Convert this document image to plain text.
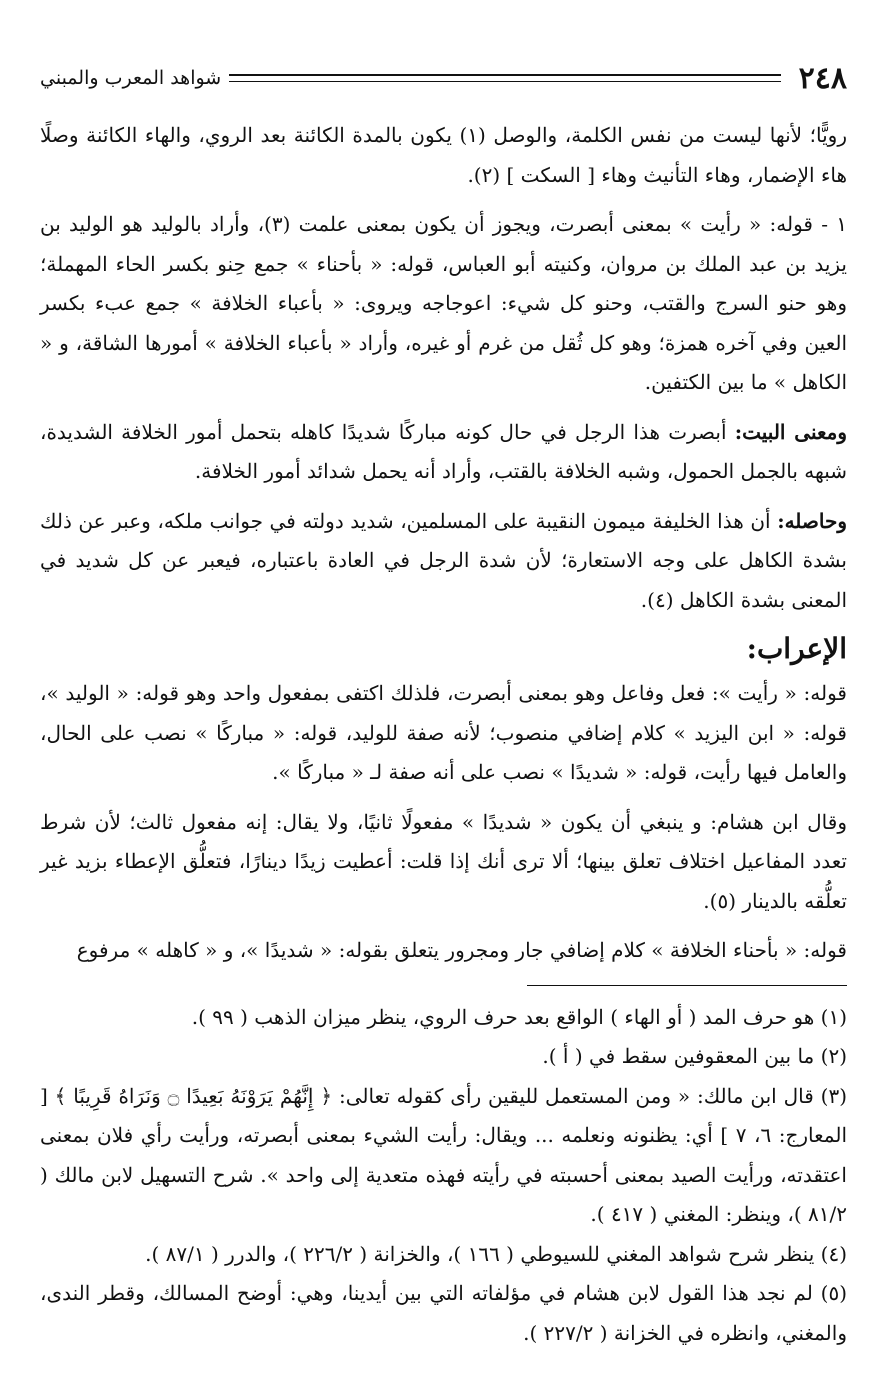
٢٤٨
شواهد المعرب والمبني

رويًّا؛ لأنها ليست من نفس الكلمة، والوصل (١) يكون بالمدة الكائنة بعد الروي، والهاء الكائنة وصلًا هاء الإضمار، وهاء التأنيث وهاء [ السكت ] (٢).

١ - قوله: « رأيت » بمعنى أبصرت، ويجوز أن يكون بمعنى علمت (٣)، وأراد بالوليد هو الوليد بن يزيد بن عبد الملك بن مروان، وكنيته أبو العباس، قوله: « بأحناء » جمع حِنو بكسر الحاء المهملة؛ وهو حنو السرج والقتب، وحنو كل شيء: اعوجاجه ويروى: « بأعباء الخلافة » جمع عبء بكسر العين وفي آخره همزة؛ وهو كل ثُقل من غرم أو غيره، وأراد « بأعباء الخلافة » أمورها الشاقة، و « الكاهل » ما بين الكتفين.

ومعنى البيت: أبصرت هذا الرجل في حال كونه مباركًا شديدًا كاهله بتحمل أمور الخلافة الشديدة، شبهه بالجمل الحمول، وشبه الخلافة بالقتب، وأراد أنه يحمل شدائد أمور الخلافة.

وحاصله: أن هذا الخليفة ميمون النقيبة على المسلمين، شديد دولته في جوانب ملكه، وعبر عن ذلك بشدة الكاهل على وجه الاستعارة؛ لأن شدة الرجل في العادة باعتباره، فيعبر عن كل شديد في المعنى بشدة الكاهل (٤).

الإعراب:

قوله: « رأيت »: فعل وفاعل وهو بمعنى أبصرت، فلذلك اكتفى بمفعول واحد وهو قوله: « الوليد »، قوله: « ابن اليزيد » كلام إضافي منصوب؛ لأنه صفة للوليد، قوله: « مباركًا » نصب على الحال، والعامل فيها رأيت، قوله: « شديدًا » نصب على أنه صفة لـ « مباركًا ».

وقال ابن هشام: و ينبغي أن يكون « شديدًا » مفعولًا ثانيًا، ولا يقال: إنه مفعول ثالث؛ لأن شرط تعدد المفاعيل اختلاف تعلق بينها؛ ألا ترى أنك إذا قلت: أعطيت زيدًا دينارًا، فتعلُّق الإعطاء بزيد غير تعلُّقه بالدينار (٥).

قوله: « بأحناء الخلافة » كلام إضافي جار ومجرور يتعلق بقوله: « شديدًا »، و « كاهله » مرفوع

(١) هو حرف المد ( أو الهاء ) الواقع بعد حرف الروي، ينظر ميزان الذهب ( ٩٩ ).

(٢) ما بين المعقوفين سقط في ( أ ).

(٣) قال ابن مالك: « ومن المستعمل لليقين رأى كقوله تعالى: ﴿ إِنَّهُمْ يَرَوْنَهُ بَعِيدًا ۝ وَنَرَاهُ قَرِيبًا ﴾ [ المعارج: ٦، ٧ ] أي: يظنونه ونعلمه ... ويقال: رأيت الشيء بمعنى أبصرته، ورأيت رأي فلان بمعنى اعتقدته، ورأيت الصيد بمعنى أحسبته في رأيته فهذه متعدية إلى واحد ». شرح التسهيل لابن مالك ( ٨١/٢ )، وينظر: المغني ( ٤١٧ ).

(٤) ينظر شرح شواهد المغني للسيوطي ( ١٦٦ )، والخزانة ( ٢٢٦/٢ )، والدرر ( ٨٧/١ ).

(٥) لم نجد هذا القول لابن هشام في مؤلفاته التي بين أيدينا، وهي: أوضح المسالك، وقطر الندى، والمغني، وانظره في الخزانة ( ٢٢٧/٢ ).
